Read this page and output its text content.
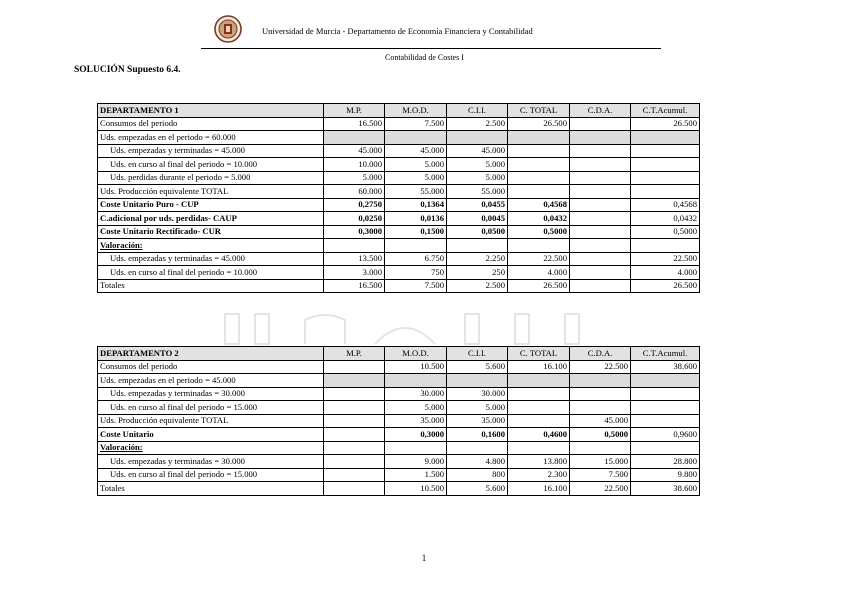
Universidad de Murcia - Departamento de Economía Financiera y Contabilidad
Contabilidad de Costes I
SOLUCIÓN Supuesto 6.4.
DEPARTAMENTO 1	M.P.	M.O.D.	C.I.I.	C. TOTAL	C.D.A.	C.T.Acumul.
Consumos del periodo	16.500	7.500	2.500	26.500		26.500
Uds. empezadas en el periodo = 60.000						
Uds. empezadas y terminadas = 45.000	45.000	45.000	45.000			
Uds. en curso al final del periodo = 10.000	10.000	5.000	5.000			
Uds. perdidas durante el periodo = 5.000	5.000	5.000	5.000			
Uds. Producción equivalente TOTAL	60.000	55.000	55.000			
Coste Unitario Puro - CUP	0,2750	0,1364	0,0455	0,4568		0,4568
C.adicional por uds. perdidas- CAUP	0,0250	0,0136	0,0045	0,0432		0,0432
Coste Unitario Rectificado- CUR	0,3000	0,1500	0,0500	0,5000		0,5000
Valoración:						
Uds. empezadas y terminadas = 45.000	13.500	6.750	2.250	22.500		22.500
Uds. en curso al final del periodo = 10.000	3.000	750	250	4.000		4.000
Totales	16.500	7.500	2.500	26.500		26.500
DEPARTAMENTO 2	M.P.	M.O.D.	C.I.I.	C. TOTAL	C.D.A.	C.T.Acumul.
Consumos del periodo		10.500	5.600	16.100	22.500	38.600
Uds. empezadas en el periodo = 45.000						
Uds. empezadas y terminadas = 30.000		30.000	30.000			
Uds. en curso al final del periodo = 15.000		5.000	5.000			
Uds. Producción equivalente TOTAL		35.000	35.000		45.000	
Coste Unitario		0,3000	0,1600	0,4600	0,5000	0,9600
Valoración:						
Uds. empezadas y terminadas = 30.000		9.000	4.800	13.800	15.000	28.800
Uds. en curso al final del periodo = 15.000		1.500	800	2.300	7.500	9.800
Totales		10.500	5.600	16.100	22.500	38.600
1
